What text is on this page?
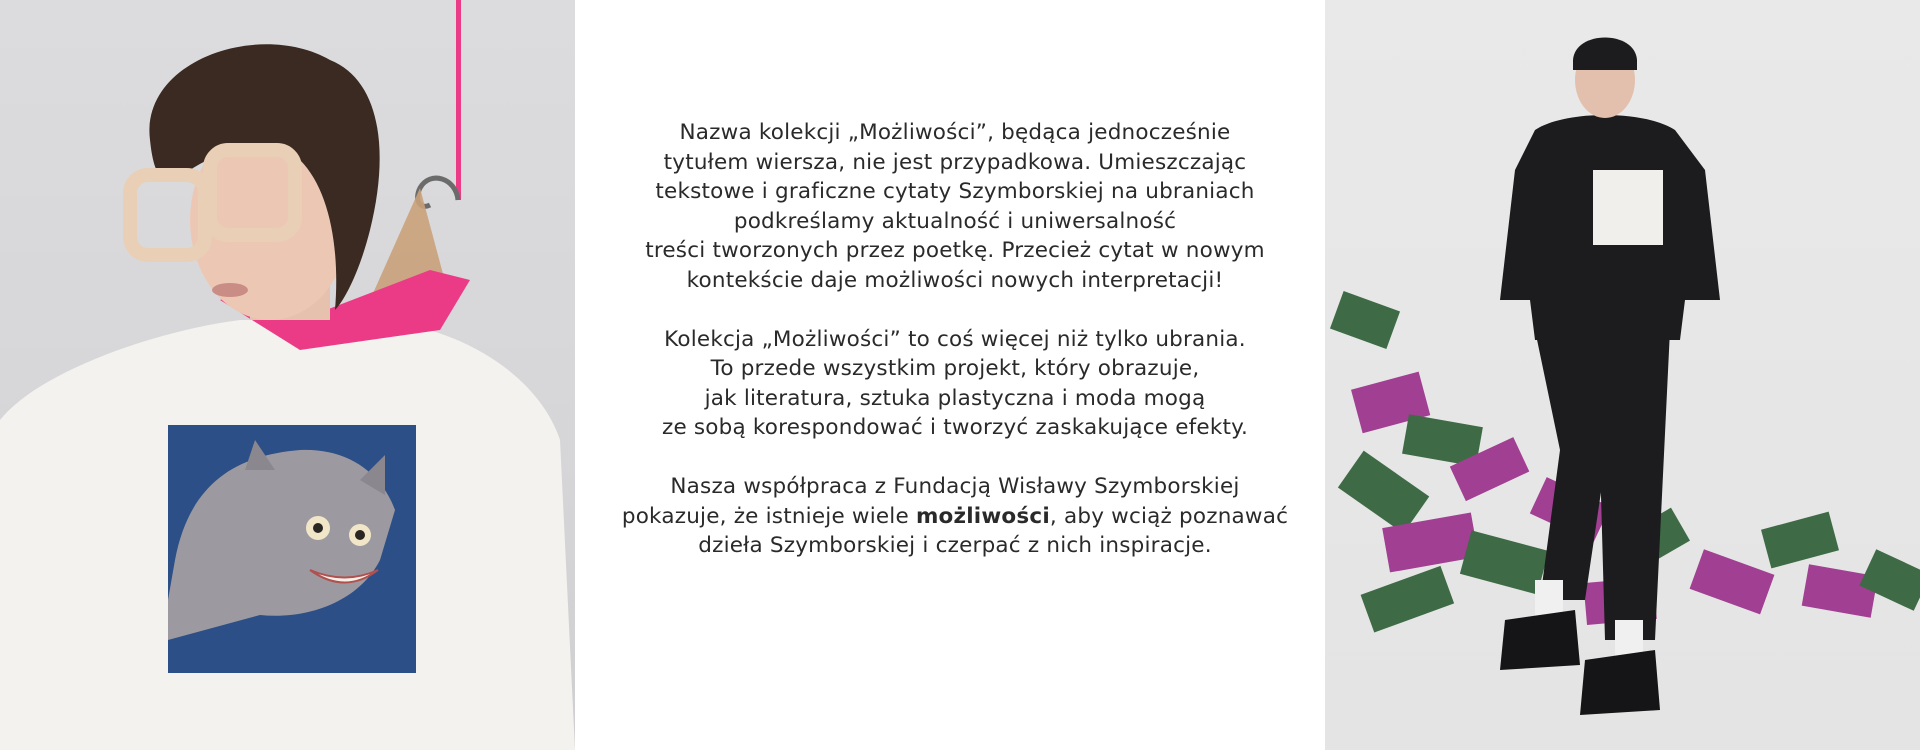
Nazwa kolekcji „Możliwości”, będąca jednocześnie
tytułem wiersza, nie jest przypadkowa. Umieszczając
tekstowe i graficzne cytaty Szymborskiej na ubraniach
podkreślamy aktualność i uniwersalność
treści tworzonych przez poetkę. Przecież cytat w nowym
kontekście daje możliwości nowych interpretacji!

Kolekcja „Możliwości” to coś więcej niż tylko ubrania.
To przede wszystkim projekt, który obrazuje,
jak literatura, sztuka plastyczna i moda mogą
ze sobą korespondować i tworzyć zaskakujące efekty.

Nasza współpraca z Fundacją Wisławy Szymborskiej
pokazuje, że istnieje wiele możliwości, aby wciąż poznawać
dzieła Szymborskiej i czerpać z nich inspiracje.
